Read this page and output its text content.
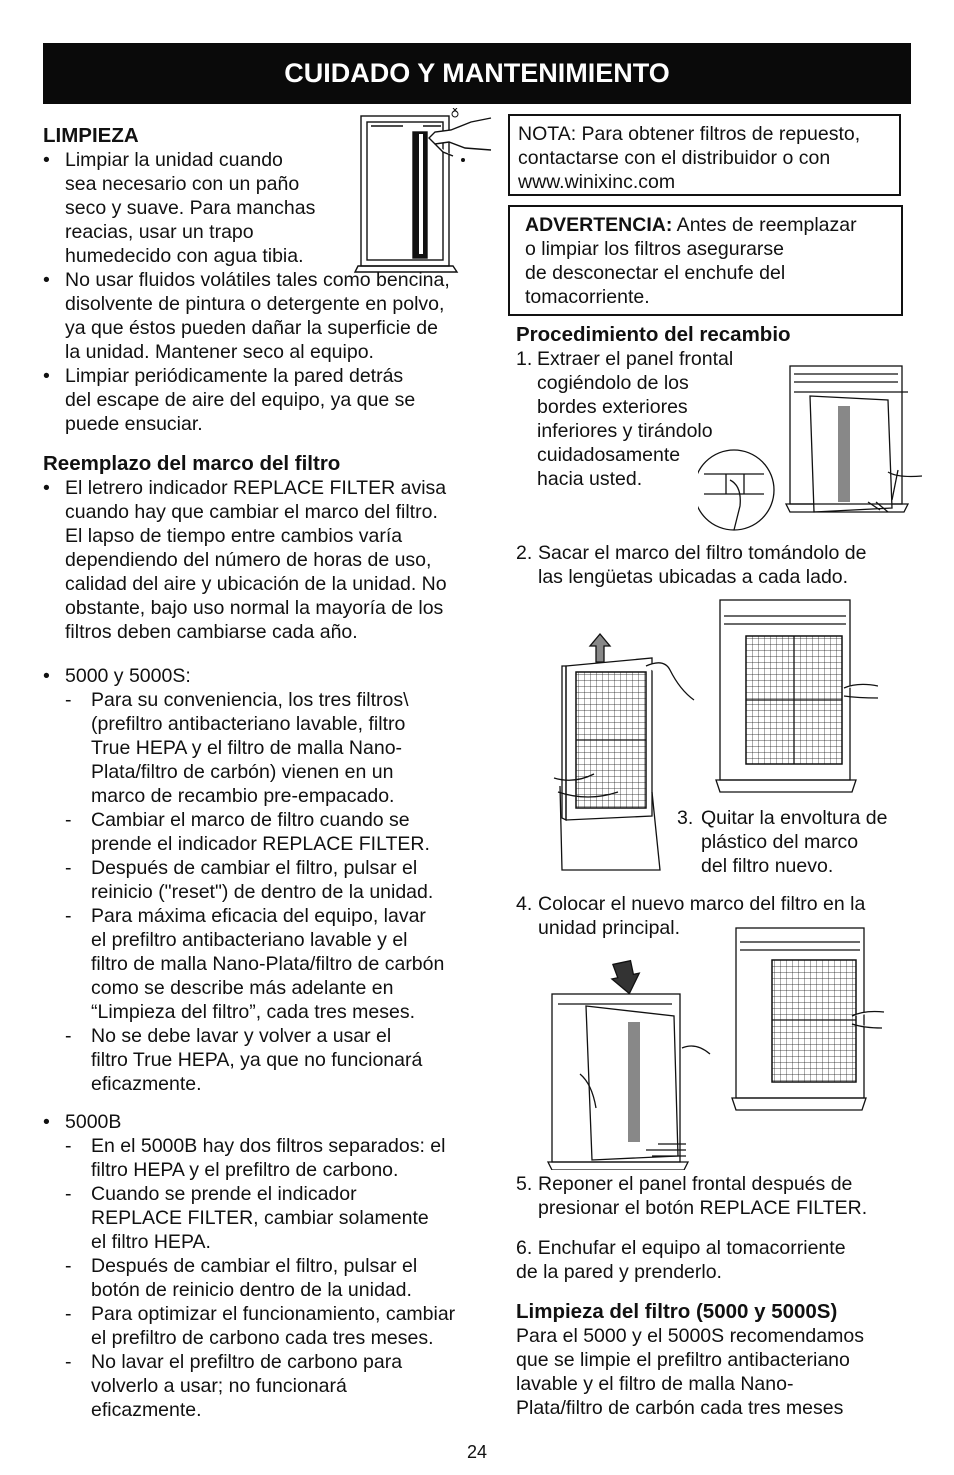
CUIDADO Y MANTENIMIENTO

LIMPIEZA

• Limpiar la unidad cuando
sea necesario con un paño
seco y suave. Para manchas
reacias, usar un trapo
humedecido con agua tibia.
• No usar fluidos volátiles tales como bencina,
disolvente de pintura o detergente en polvo,
ya que éstos pueden dañar la superficie de
la unidad. Mantener seco al equipo.
• Limpiar periódicamente la pared detrás
del escape de aire del equipo, ya que se
puede ensuciar.

Reemplazo del marco del filtro

• El letrero indicador REPLACE FILTER avisa
cuando hay que cambiar el marco del filtro.
El lapso de tiempo entre cambios varía
dependiendo del número de horas de uso,
calidad del aire y ubicación de la unidad. No
obstante, bajo uso normal la mayoría de los
filtros deben cambiarse cada año.
• 5000 y 5000S:
- Para su conveniencia, los tres filtros\
(prefiltro antibacteriano lavable, filtro
True HEPA y el filtro de malla Nano-
Plata/filtro de carbón) vienen en un
marco de recambio pre-empacado.
- Cambiar el marco de filtro cuando se
prende el indicador REPLACE FILTER.
- Después de cambiar el filtro, pulsar el
reinicio ("reset") de dentro de la unidad.
- Para máxima eficacia del equipo, lavar
el prefiltro antibacteriano lavable y el
filtro de malla Nano-Plata/filtro de carbón
como se describe más adelante en
“Limpieza del filtro”, cada tres meses.
- No se debe lavar y volver a usar el
filtro True HEPA, ya que no funcionará
eficazmente.
• 5000B
- En el 5000B hay dos filtros separados: el
filtro HEPA y el prefiltro de carbono.
- Cuando se prende el indicador
REPLACE FILTER, cambiar solamente
el filtro HEPA.
- Después de cambiar el filtro, pulsar el
botón de reinicio dentro de la unidad.
- Para optimizar el funcionamiento, cambiar
el prefiltro de carbono cada tres meses.
- No lavar el prefiltro de carbono para
volverlo a usar; no funcionará
eficazmente.
NOTA: Para obtener filtros de repuesto,
contactarse con el distribuidor o con
www.winixinc.com
ADVERTENCIA: Antes de reemplazar
o limpiar los filtros asegurarse
de desconectar el enchufe del
tomacorriente.

Procedimiento del recambio

1. Extraer el panel frontal
cogiéndolo de los
bordes exteriores
inferiores y tirándolo
cuidadosamente
hacia usted.
2. Sacar el marco del filtro tomándolo de
las lengüetas ubicadas a cada lado.
3. Quitar la envoltura de
plástico del marco
del filtro nuevo.
4. Colocar el nuevo marco del filtro en la
unidad principal.
5. Reponer el panel frontal después de
presionar el botón REPLACE FILTER.
6. Enchufar el equipo al tomacorriente
de la pared y prenderlo.

Limpieza del filtro (5000 y 5000S)

Para el 5000 y el 5000S recomendamos
que se limpie el prefiltro antibacteriano
lavable y el filtro de malla Nano-
Plata/filtro de carbón cada tres meses
24
